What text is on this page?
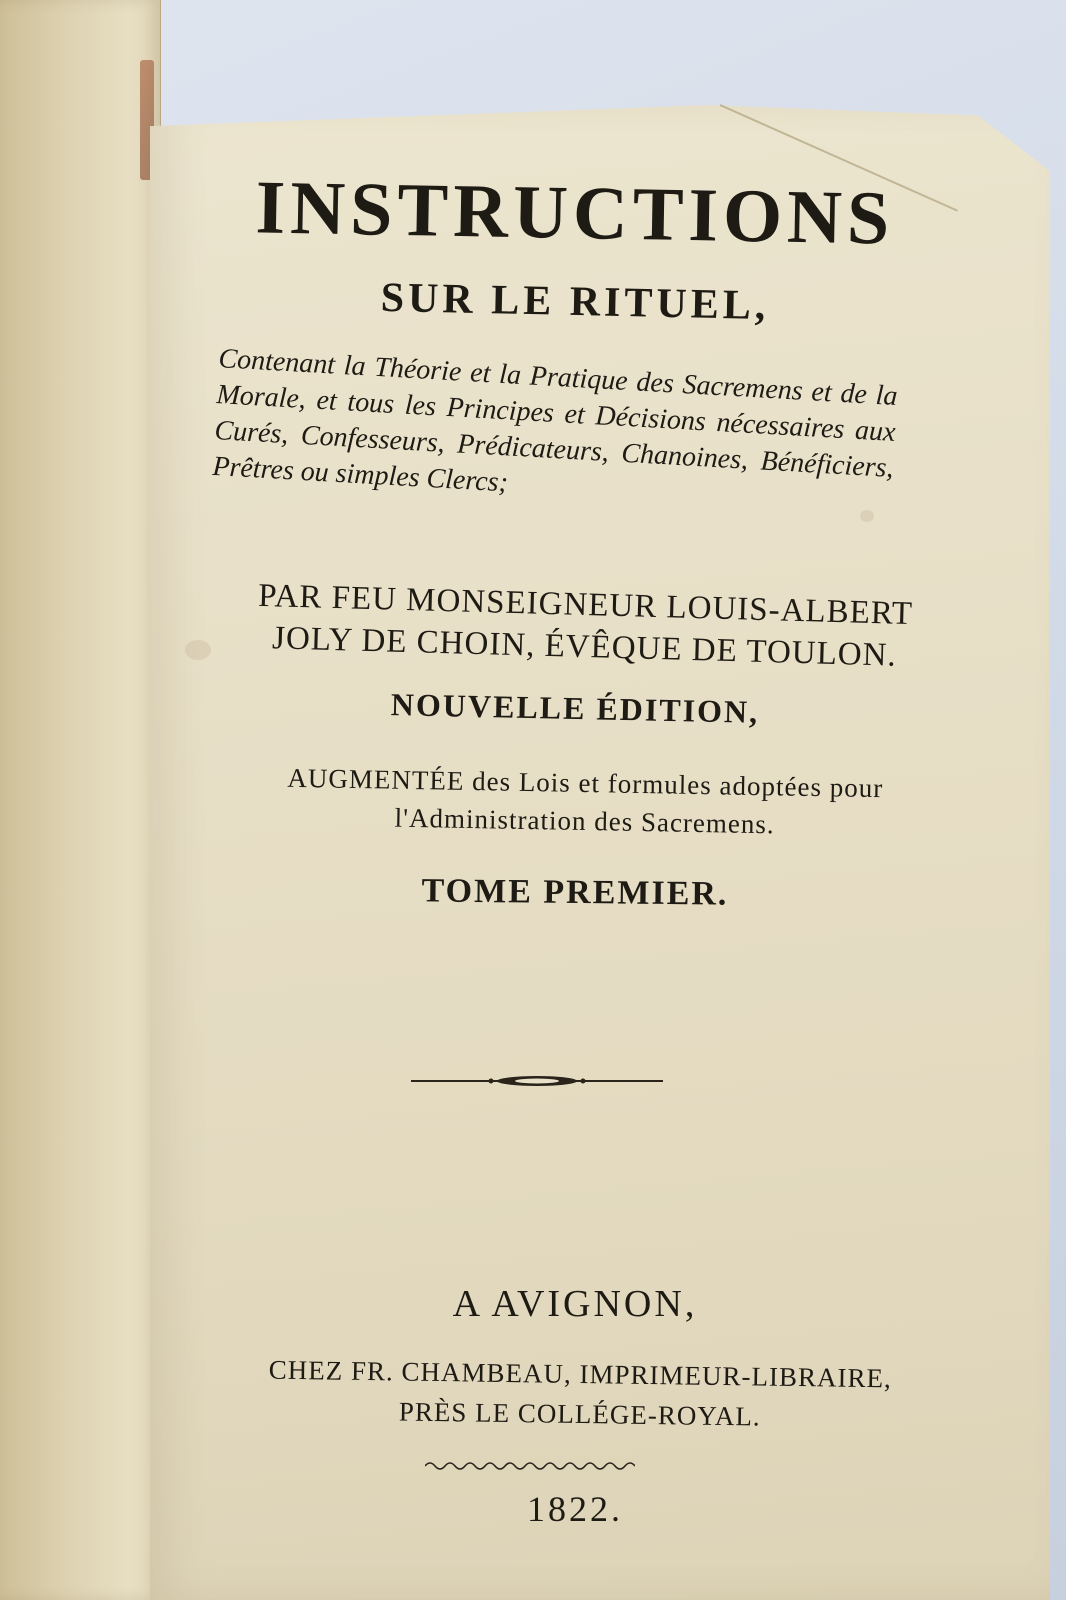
INSTRUCTIONS
SUR LE RITUEL,
Contenant la Théorie et la Pratique des Sacremens et de la Morale, et tous les Principes et Décisions nécessaires aux Curés, Confesseurs, Prédicateurs, Chanoines, Bénéficiers, Prêtres ou simples Clercs;
PAR FEU MONSEIGNEUR LOUIS-ALBERT
JOLY DE CHOIN, ÉVÊQUE DE TOULON.
NOUVELLE ÉDITION,
AUGMENTÉE des Lois et formules adoptées pour
l'Administration des Sacremens.
TOME PREMIER.
A AVIGNON,
CHEZ FR. CHAMBEAU, IMPRIMEUR-LIBRAIRE,
PRÈS LE COLLÉGE-ROYAL.
1822.
